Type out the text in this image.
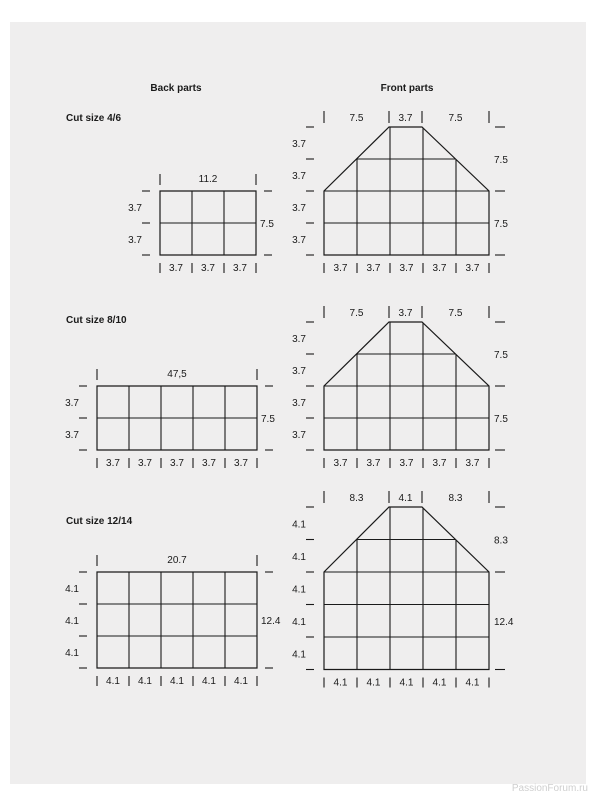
Back parts	Front parts
Cut size 4/6
11.2
3.7
3.7
7.5
3.7 3.7 3.7
7.5	3.7	7.5
3.7
3.7
3.7
3.7
7.5
7.5
3.7 3.7 3.7 3.7 3.7
Cut size 8/10
47,5
3.7
3.7
7.5
3.7 3.7 3.7 3.7 3.7
7.5	3.7	7.5
3.7
3.7
3.7
3.7
7.5
7.5
3.7 3.7 3.7 3.7 3.7
Cut size 12/14
20.7
4.1
4.1
4.1
12.4
4.1 4.1 4.1 4.1 4.1
8.3	4.1	8.3
4.1
4.1
4.1
4.1
4.1
8.3
12.4
4.1 4.1 4.1 4.1 4.1
PassionForum.ru
